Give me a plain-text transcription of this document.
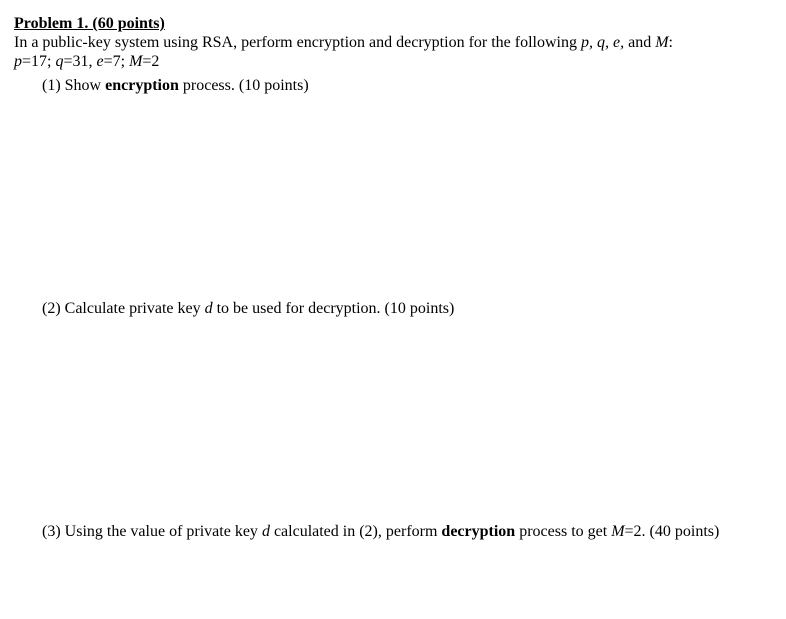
Problem 1. (60 points)
In a public-key system using RSA, perform encryption and decryption for the following p, q, e, and M:
p=17; q=31, e=7; M=2
(1) Show encryption process. (10 points)
(2) Calculate private key d to be used for decryption. (10 points)
(3) Using the value of private key d calculated in (2), perform decryption process to get M=2. (40 points)
